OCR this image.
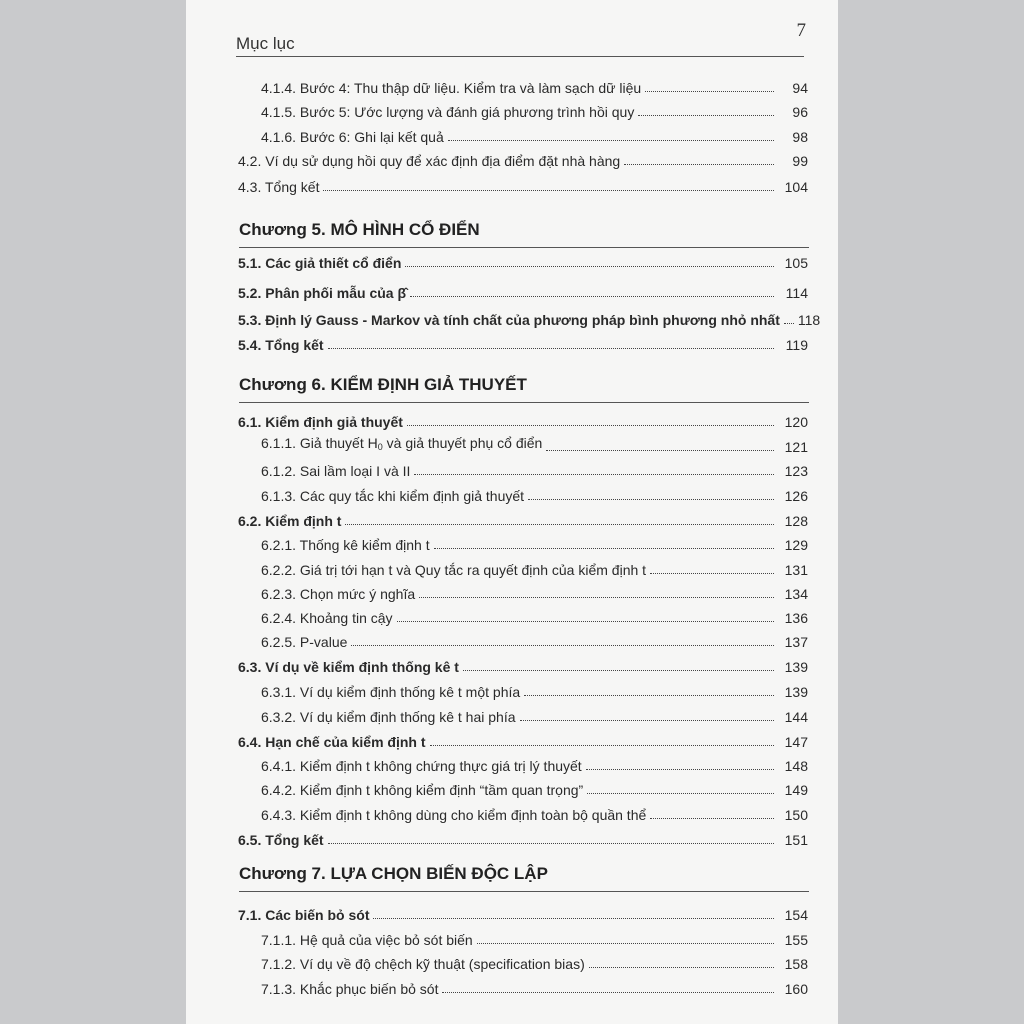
Mục lục
7
4.1.4. Bước 4: Thu thập dữ liệu. Kiểm tra và làm sạch dữ liệu	94
4.1.5. Bước 5: Ước lượng và đánh giá phương trình hồi quy	96
4.1.6. Bước 6: Ghi lại kết quả	98
4.2. Ví dụ sử dụng hồi quy để xác định địa điểm đặt nhà hàng	99
4.3. Tổng kết	104
Chương 5. MÔ HÌNH CỔ ĐIỂN
5.1. Các giả thiết cổ điển	105
5.2. Phân phối mẫu của β̂	114
5.3. Định lý Gauss - Markov và tính chất của phương pháp bình phương nhỏ nhất 118
5.4. Tổng kết	119
Chương 6. KIỂM ĐỊNH GIẢ THUYẾT
6.1. Kiểm định giả thuyết	120
6.1.1. Giả thuyết $H_0$ và giả thuyết phụ cổ điển	121
6.1.2. Sai lầm loại I và II	123
6.1.3. Các quy tắc khi kiểm định giả thuyết	126
6.2. Kiểm định t	128
6.2.1. Thống kê kiểm định t	129
6.2.2. Giá trị tới hạn t và Quy tắc ra quyết định của kiểm định t	131
6.2.3. Chọn mức ý nghĩa	134
6.2.4. Khoảng tin cậy	136
6.2.5. P-value	137
6.3. Ví dụ về kiểm định thống kê t	139
6.3.1. Ví dụ kiểm định thống kê t một phía	139
6.3.2. Ví dụ kiểm định thống kê t hai phía	144
6.4. Hạn chế của kiểm định t	147
6.4.1. Kiểm định t không chứng thực giá trị lý thuyết	148
6.4.2. Kiểm định t không kiểm định “tầm quan trọng”	149
6.4.3. Kiểm định t không dùng cho kiểm định toàn bộ quần thể	150
6.5. Tổng kết	151
Chương 7. LỰA CHỌN BIẾN ĐỘC LẬP
7.1. Các biến bỏ sót	154
7.1.1. Hệ quả của việc bỏ sót biến	155
7.1.2. Ví dụ về độ chệch kỹ thuật (specification bias)	158
7.1.3. Khắc phục biến bỏ sót	160
